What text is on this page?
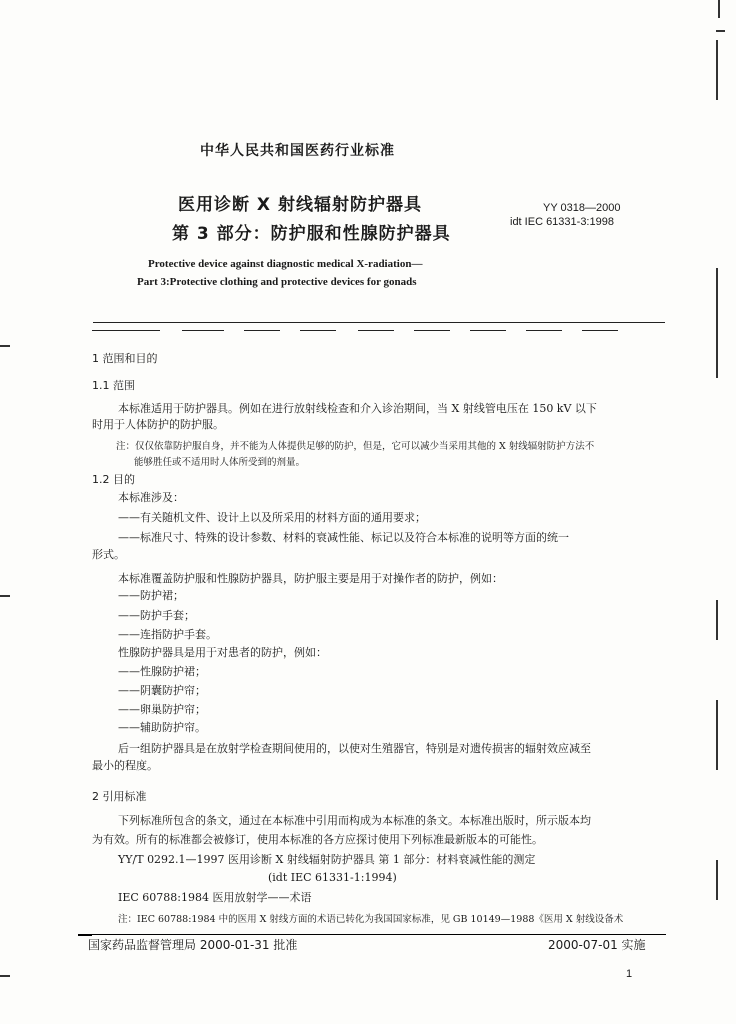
中华人民共和国医药行业标准
医用诊断 X 射线辐射防护器具
第 3 部分：防护服和性腺防护器具
YY 0318—2000
idt IEC 61331-3:1998
Protective device against diagnostic medical X-radiation—
Part 3:Protective clothing and protective devices for gonads
1 范围和目的
1.1 范围
本标准适用于防护器具。例如在进行放射线检查和介入诊治期间，当 X 射线管电压在 150 kV 以下
时用于人体防护的防护服。
注：仅仅依靠防护服自身，并不能为人体提供足够的防护，但是，它可以减少当采用其他的 X 射线辐射防护方法不
能够胜任或不适用时人体所受到的剂量。
1.2 目的
本标准涉及：
——有关随机文件、设计上以及所采用的材料方面的通用要求；
——标准尺寸、特殊的设计参数、材料的衰减性能、标记以及符合本标准的说明等方面的统一
形式。
本标准覆盖防护服和性腺防护器具，防护服主要是用于对操作者的防护，例如：
——防护裙；
——防护手套；
——连指防护手套。
性腺防护器具是用于对患者的防护，例如：
——性腺防护裙；
——阴囊防护帘；
——卵巢防护帘；
——辅助防护帘。
后一组防护器具是在放射学检查期间使用的，以使对生殖器官，特别是对遗传损害的辐射效应减至
最小的程度。
2 引用标准
下列标准所包含的条文，通过在本标准中引用而构成为本标准的条文。本标准出版时，所示版本均
为有效。所有的标准都会被修订，使用本标准的各方应探讨使用下列标准最新版本的可能性。
YY/T 0292.1—1997 医用诊断 X 射线辐射防护器具 第 1 部分：材料衰减性能的测定
(idt IEC 61331-1:1994)
IEC 60788:1984 医用放射学——术语
注：IEC 60788:1984 中的医用 X 射线方面的术语已转化为我国国家标准，见 GB 10149—1988《医用 X 射线设备术
国家药品监督管理局 2000-01-31 批准	2000-07-01 实施
1
